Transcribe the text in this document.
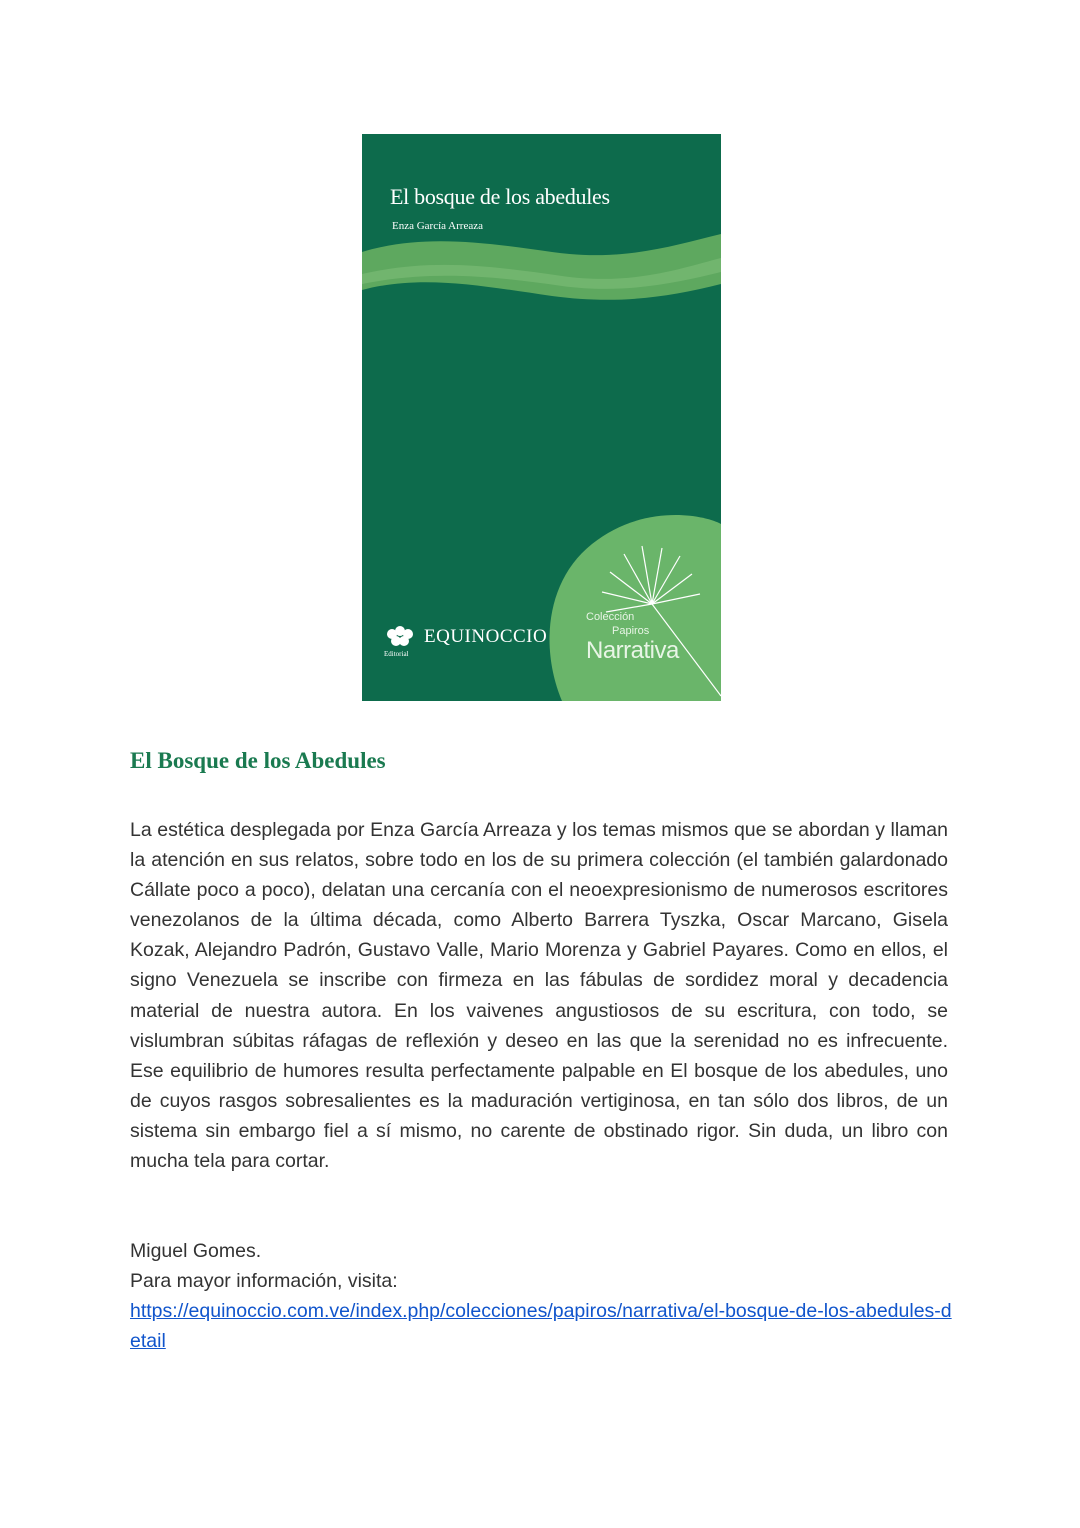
El bosque de los abedules
Enza García Arreaza
EQUINOCCIO
Editorial
Colección
Papiros
Narrativa
El Bosque de los Abedules
La estética desplegada por Enza García Arreaza y los temas mismos que se abordan y llaman la atención en sus relatos, sobre todo en los de su primera colección (el también galardonado Cállate poco a poco), delatan una cercanía con el neoexpresionismo de numerosos escritores venezolanos de la última década, como Alberto Barrera Tyszka, Oscar Marcano, Gisela Kozak, Alejandro Padrón, Gustavo Valle, Mario Morenza y Gabriel Payares. Como en ellos, el signo Venezuela se inscribe con firmeza en las fábulas de sordidez moral y decadencia material de nuestra autora. En los vaivenes angustiosos de su escritura, con todo, se vislumbran súbitas ráfagas de reflexión y deseo en las que la serenidad no es infrecuente. Ese equilibrio de humores resulta perfectamente palpable en El bosque de los abedules, uno de cuyos rasgos sobresalientes es la maduración vertiginosa, en tan sólo dos libros, de un sistema sin embargo fiel a sí mismo, no carente de obstinado rigor. Sin duda, un libro con mucha tela para cortar.
Miguel Gomes.
Para mayor información, visita:
https://equinoccio.com.ve/index.php/colecciones/papiros/narrativa/el-bosque-de-los-abedules-detail
